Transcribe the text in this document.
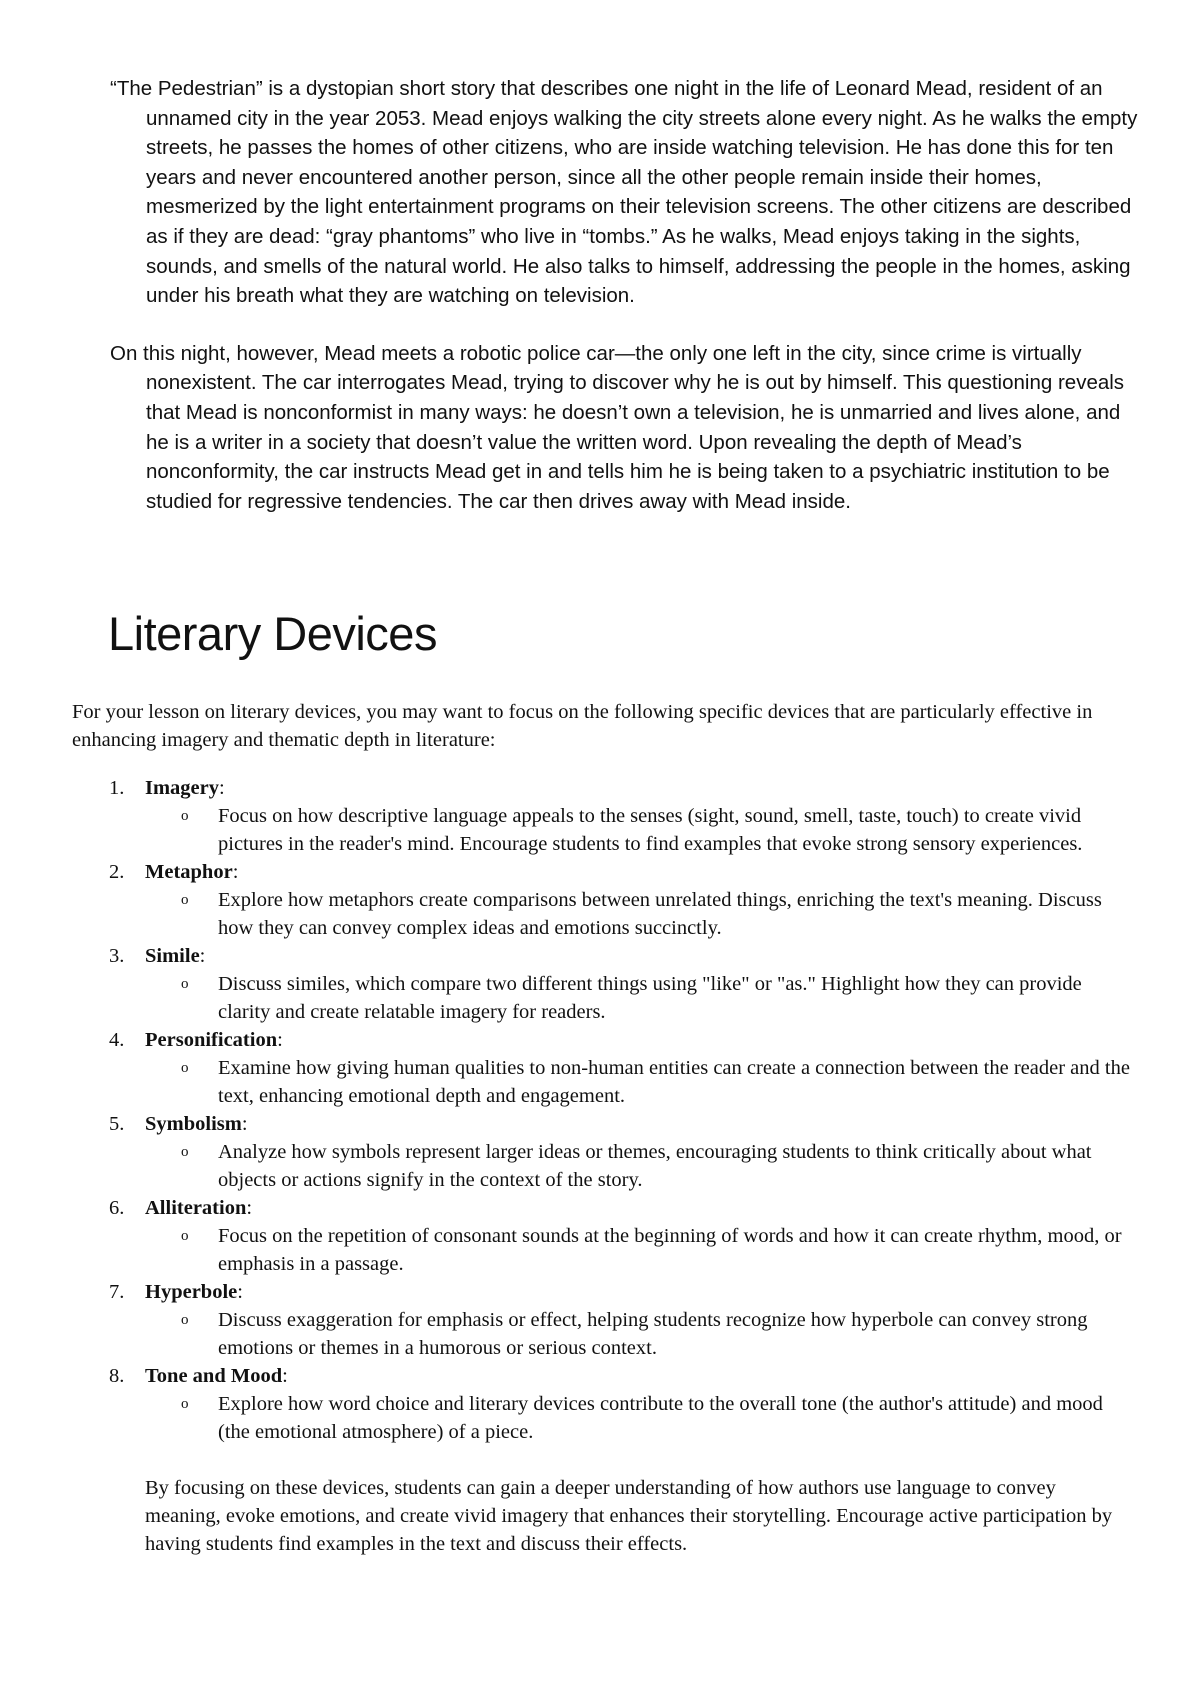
“The Pedestrian” is a dystopian short story that describes one night in the life of Leonard Mead, resident of an unnamed city in the year 2053. Mead enjoys walking the city streets alone every night. As he walks the empty streets, he passes the homes of other citizens, who are inside watching television. He has done this for ten years and never encountered another person, since all the other people remain inside their homes, mesmerized by the light entertainment programs on their television screens. The other citizens are described as if they are dead: “gray phantoms” who live in “tombs.” As he walks, Mead enjoys taking in the sights, sounds, and smells of the natural world. He also talks to himself, addressing the people in the homes, asking under his breath what they are watching on television.

On this night, however, Mead meets a robotic police car—the only one left in the city, since crime is virtually nonexistent. The car interrogates Mead, trying to discover why he is out by himself. This questioning reveals that Mead is nonconformist in many ways: he doesn’t own a television, he is unmarried and lives alone, and he is a writer in a society that doesn’t value the written word. Upon revealing the depth of Mead’s nonconformity, the car instructs Mead get in and tells him he is being taken to a psychiatric institution to be studied for regressive tendencies. The car then drives away with Mead inside.

Literary Devices

For your lesson on literary devices, you may want to focus on the following specific devices that are particularly effective in enhancing imagery and thematic depth in literature:

1. Imagery:
o Focus on how descriptive language appeals to the senses (sight, sound, smell, taste, touch) to create vivid pictures in the reader's mind. Encourage students to find examples that evoke strong sensory experiences.
2. Metaphor:
o Explore how metaphors create comparisons between unrelated things, enriching the text's meaning. Discuss how they can convey complex ideas and emotions succinctly.
3. Simile:
o Discuss similes, which compare two different things using "like" or "as." Highlight how they can provide clarity and create relatable imagery for readers.
4. Personification:
o Examine how giving human qualities to non-human entities can create a connection between the reader and the text, enhancing emotional depth and engagement.
5. Symbolism:
o Analyze how symbols represent larger ideas or themes, encouraging students to think critically about what objects or actions signify in the context of the story.
6. Alliteration:
o Focus on the repetition of consonant sounds at the beginning of words and how it can create rhythm, mood, or emphasis in a passage.
7. Hyperbole:
o Discuss exaggeration for emphasis or effect, helping students recognize how hyperbole can convey strong emotions or themes in a humorous or serious context.
8. Tone and Mood:
o Explore how word choice and literary devices contribute to the overall tone (the author's attitude) and mood (the emotional atmosphere) of a piece.

By focusing on these devices, students can gain a deeper understanding of how authors use language to convey meaning, evoke emotions, and create vivid imagery that enhances their storytelling. Encourage active participation by having students find examples in the text and discuss their effects.
